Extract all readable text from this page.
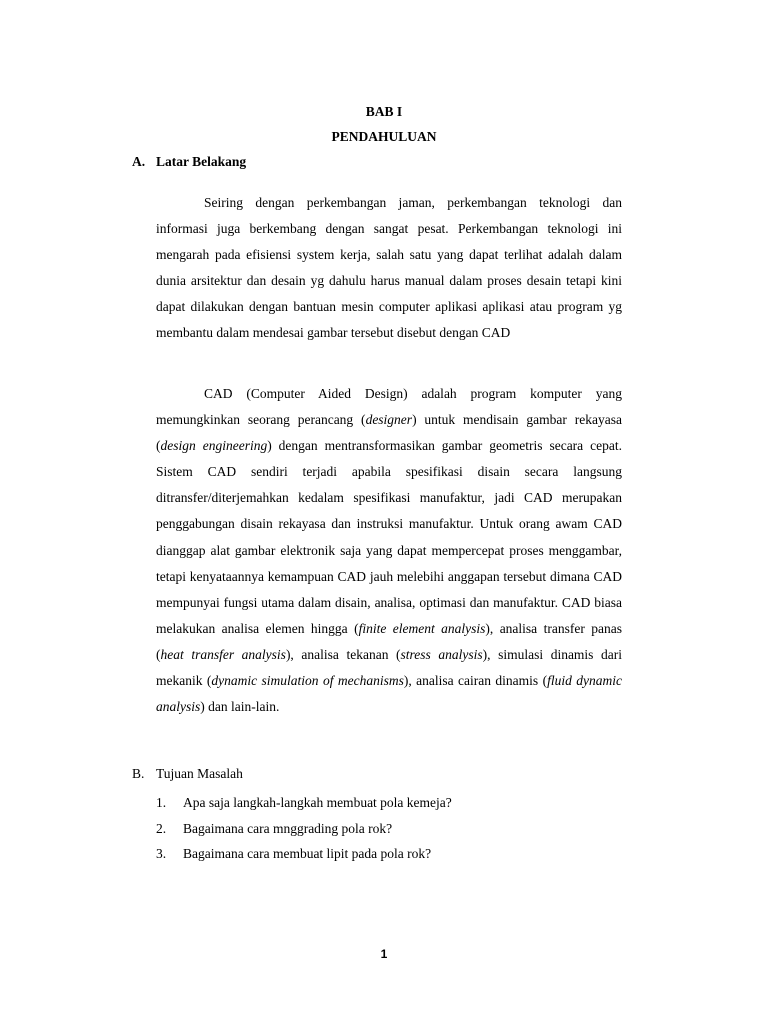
BAB I
PENDAHULUAN
A. Latar Belakang

Seiring dengan perkembangan jaman, perkembangan teknologi dan informasi juga berkembang dengan sangat pesat. Perkembangan teknologi ini mengarah pada efisiensi system kerja, salah satu yang dapat terlihat adalah dalam dunia arsitektur dan desain yg dahulu harus manual dalam proses desain tetapi kini dapat dilakukan dengan bantuan mesin computer aplikasi aplikasi atau program yg membantu dalam mendesai gambar tersebut disebut dengan CAD

CAD (Computer Aided Design) adalah program komputer yang memungkinkan seorang perancang (designer) untuk mendisain gambar rekayasa (design engineering) dengan mentransformasikan gambar geometris secara cepat. Sistem CAD sendiri terjadi apabila spesifikasi disain secara langsung ditransfer/diterjemahkan kedalam spesifikasi manufaktur, jadi CAD merupakan penggabungan disain rekayasa dan instruksi manufaktur. Untuk orang awam CAD dianggap alat gambar elektronik saja yang dapat mempercepat proses menggambar, tetapi kenyataannya kemampuan CAD jauh melebihi anggapan tersebut dimana CAD mempunyai fungsi utama dalam disain, analisa, optimasi dan manufaktur. CAD biasa melakukan analisa elemen hingga (finite element analysis), analisa transfer panas (heat transfer analysis), analisa tekanan (stress analysis), simulasi dinamis dari mekanik (dynamic simulation of mechanisms), analisa cairan dinamis (fluid dynamic analysis) dan lain-lain.

B. Tujuan Masalah
1. Apa saja langkah-langkah membuat pola kemeja?
2. Bagaimana cara mnggrading pola rok?
3. Bagaimana cara membuat lipit pada pola rok?
1
